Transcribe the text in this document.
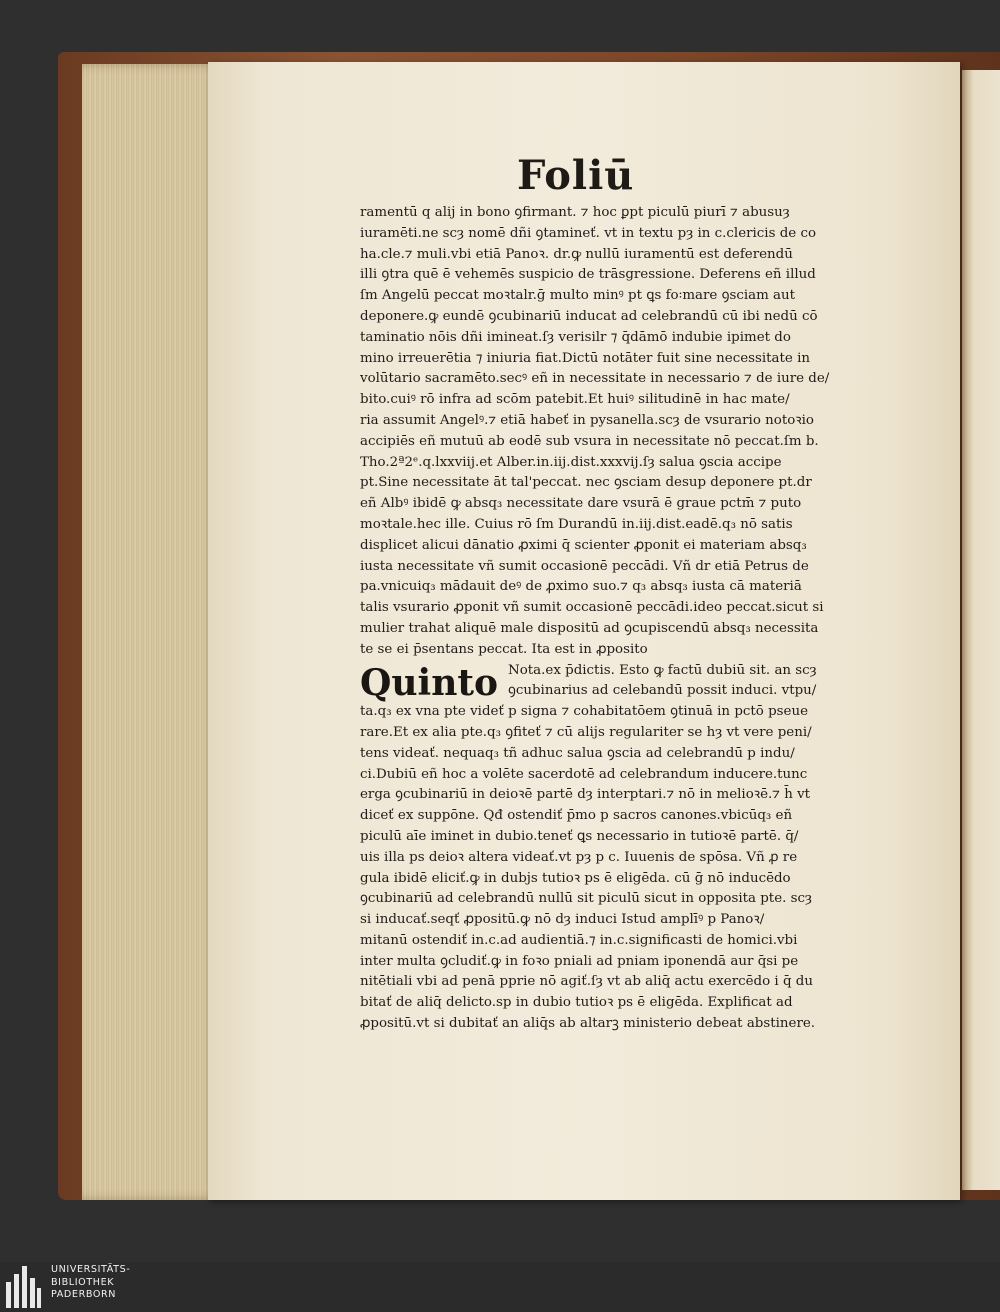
Foliū
ramentū q aliȷ̇ in bono ꝯfirmant. ⁊ hoc ꝑpt piculū piurī ⁊ abusuȝ
iuramēti.ne scȝ nomē dñi ꝯtamineť. vt in textu pȝ in c.clericis de co
ha.cle.⁊ muli.vbi etiā Panoꝛ. dr.ꝙ nullū iuramentū est deferendū
illi ꝯtra quē ē vehemēs suspicio de trāsgressione. Deferens eñ illud
ſm Angelū peccat moꝛtalr.ḡ multo minꝰ pt ꝗs fo꞉mare ꝯsciam aut
deponere.ꝙ eundē ꝯcubinariū inducat ad celebrandū cū ibi nedū cō
taminatio nōis dñi imineat.ſȝ verisilr ⁊ q̄dāmō indubie ipimet do
mino irreuerētia ⁊ iniuria fiat.Dictū notāter fuit sine necessitate in
volūtario sacramēto.secꝰ eñ in necessitate in necessario ⁊ de iure de/
bito.cuiꝰ rō infra ad scōm patebit.Et huiꝰ silitudinē in hac mate/
ria assumit Angelꝰ.⁊ etiā habeť in pysanella.scȝ de vsurario notoꝛio
accipiēs eñ mutuū ab eodē sub vsura in necessitate nō peccat.ſm b.
Tho.2ª2ᵉ.q.lxxviij.et Alber.in.iij.dist.xxxvij.ſȝ salua ꝯscia accipe
pt.Sine necessitate āt tal'peccat. nec ꝯsciam desup deponere pt.dr
eñ Albꝰ ibidē ꝙ absq₃ necessitate dare vsurā ē graue pctm̄ ⁊ puto
moꝛtale.hec ille. Cuius rō ſm Durandū in.iij.dist.eadē.q₃ nō satis
displicet alicui dānatio ꝓximi q̄ scienter ꝓponit ei materiam absq₃
iusta necessitate vñ sumit occasionē peccādi. Vñ dr etiā Petrus de
pa.vnicuiq₃ mādauit deꝰ de ꝓximo suo.⁊ q₃ absq₃ iusta cā materiā
talis vsurario ꝓponit vñ sumit occasionē peccādi.ideo peccat.sicut si
mulier trahat aliquē male dispositū ad ꝯcupiscendū absq₃ necessita
te se ei p̄sentans peccat. Ita est in ꝓposito
Quinto Nota.ex p̄dictis. Esto ꝙ factū dubiū sit. an scȝ
ꝯcubinarius ad celebandū possit induci. vtpu/
ta.q₃ ex vna pte videť p signa ⁊ cohabitatōem ꝯtinuā in pctō pseue
rare.Et ex alia pte.q₃ ꝯfiteť ⁊ cū aliȷ̇s regulariter se hȝ vt vere peni/
tens videať. nequaq₃ tñ adhuc salua ꝯscia ad celebrandū p indu/
ci.Dubiū eñ hoc a volēte sacerdotē ad celebrandum inducere.tunc
erga ꝯcubinariū in deioꝛē partē dȝ interptari.⁊ nō in melioꝛē.⁊ h̄ vt
diceť ex suppōne. Qđ ostendiť p̄mo p sacros canones.vbicūq₃ eñ
piculū aīe iminet in dubio.teneť ꝗs necessario in tutioꝛē partē. q̄/
uis illa ps deioꝛ altera videať.vt pȝ p c. Iuuenis de spōsa. Vñ ꝓ re
gula ibidē eliciť.ꝙ in dubȷ̇s tutioꝛ ps ē eligēda. cū ḡ nō inducēdo
ꝯcubinariū ad celebrandū nullū sit piculū sicut in opposita pte. scȝ
si inducať.seqť ꝓpositū.ꝙ nō dȝ induci Istud amplīꝰ p Panoꝛ/
mitanū ostendiť in.c.ad audientiā.⁊ in.c.significasti de homici.vbi
inter multa ꝯcludiť.ꝙ in foꝛo pniali ad pniam iponendā aur q̄si pe
nitētiali vbi ad penā pprie nō agiť.ſȝ vt ab aliq̄ actu exercēdo i q̄ du
bitať de aliq̄ delicto.sp in dubio tutioꝛ ps ē eligēda. Explificat ad
ꝓpositū.vt si dubitať an aliq̄s ab altarꝫ ministerio debeat abstinere.
UNIVERSITÄTS-
BIBLIOTHEK
PADERBORN
